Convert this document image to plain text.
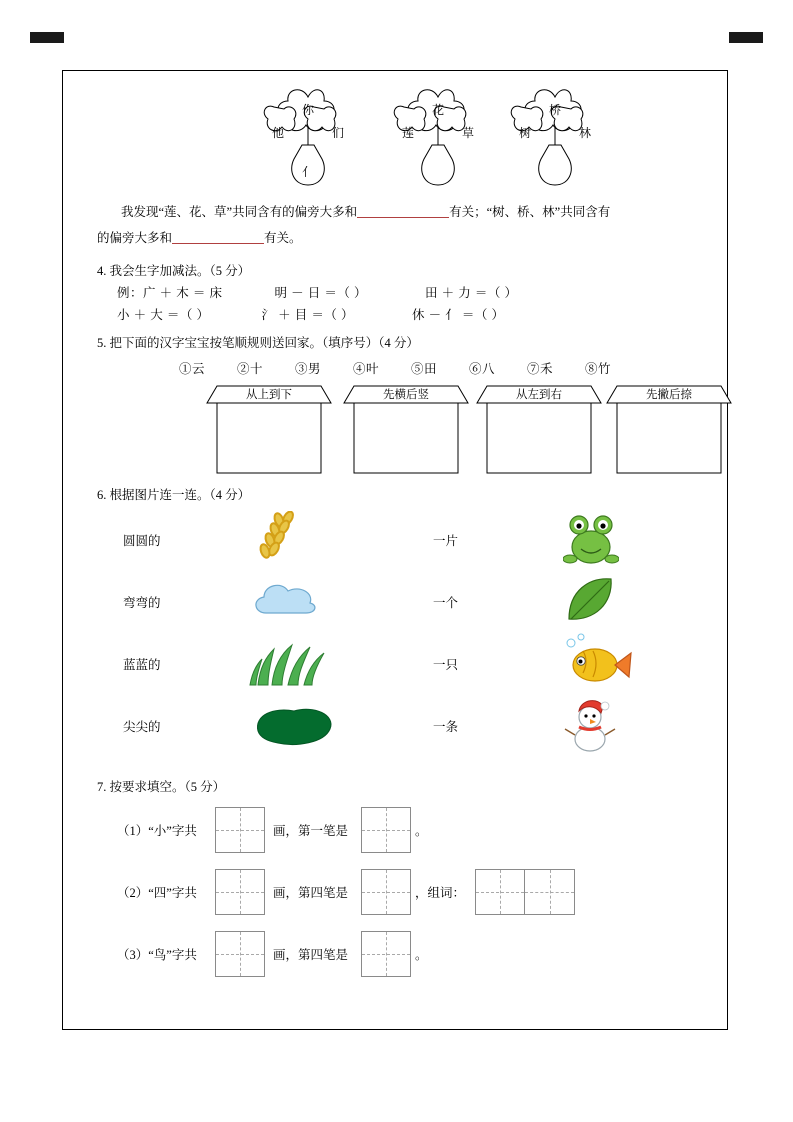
你
他	们
亻
花
莲	草
桥
树	林
我发现“莲、花、草”共同含有的偏旁大多和	有关；“树、桥、林”共同含有
的偏旁大多和	有关。
4. 我会生字加减法。（5 分）
例：广 ＋ 木 ＝ 床	明 － 日 ＝（ ）	田 ＋ 力 ＝（ ）
小 ＋ 大 ＝（ ）	氵 ＋ 目 ＝（ ）	休 － 亻 ＝（ ）
5. 把下面的汉字宝宝按笔顺规则送回家。（填序号）（4 分）
①云	②十	③男	④叶	⑤田	⑥八	⑦禾	⑧竹
从上到下	先横后竖	从左到右	先撇后捺
6. 根据图片连一连。（4 分）
圆圆的
弯弯的
蓝蓝的
尖尖的
一片
一个
一只
一条
7. 按要求填空。（5 分）
（1）“小”字共	画，第一笔是	。
（2）“四”字共	画，第四笔是	，组词：
（3）“鸟”字共	画，第四笔是	。
